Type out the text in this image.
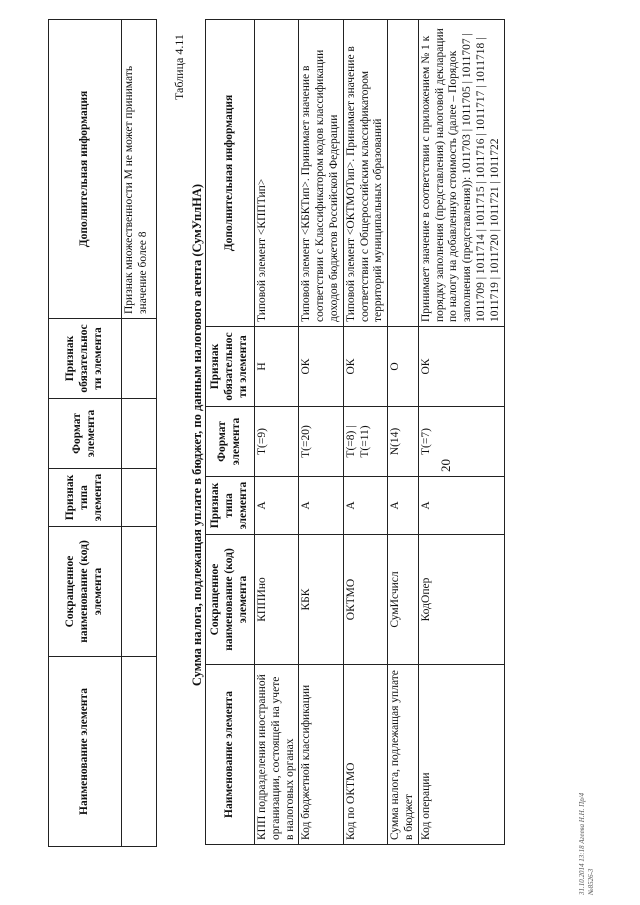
20
Наименование элемента	Сокращенное наименование (код) элемента	Признак типа элемента	Формат элемента	Признак обязательности элемента	Дополнительная информация
					Признак множественности М не может принимать значение более 8
Таблица 4.11
Сумма налога, подлежащая уплате в бюджет, по данным налогового агента (СумУплНА)
Наименование элемента	Сокращенное наименование (код) элемента	Признак типа элемента	Формат элемента	Признак обязательности элемента	Дополнительная информация
КПП подразделения иностранной организации, состоящей на учете в налоговых органах	КППИно	А	T(=9)	Н	Типовой элемент <КППТип>
Код бюджетной классификации	КБК	А	T(=20)	ОК	Типовой элемент <КБКТип>. Принимает значение в соответствии с Классификатором кодов классификации доходов бюджетов Российской Федерации
Код по ОКТМО	ОКТМО	А	T(=8) | T(=11)	ОК	Типовой элемент <ОКТМОТип>. Принимает значение в соответствии с Общероссийским классификатором территорий муниципальных образований
Сумма налога, подлежащая уплате в бюджет	СумИсчисл	А	N(14)	О	
Код операции	КодОпер	А	T(=7)	ОК	Принимает значение в соответствии с приложением № 1 к порядку заполнения (представления) налоговой декларации по налогу на добавленную стоимость (далее – Порядок заполнения (представления)): 1011703 | 1011705 | 1011707 | 1011709 | 1011714 | 1011715 | 1011716 | 1011717 | 1011718 | 1011719 | 1011720 | 1011721 | 1011722
31.10.2014 13:18 Агеева Н.Н. Пр/4 №8526-3
